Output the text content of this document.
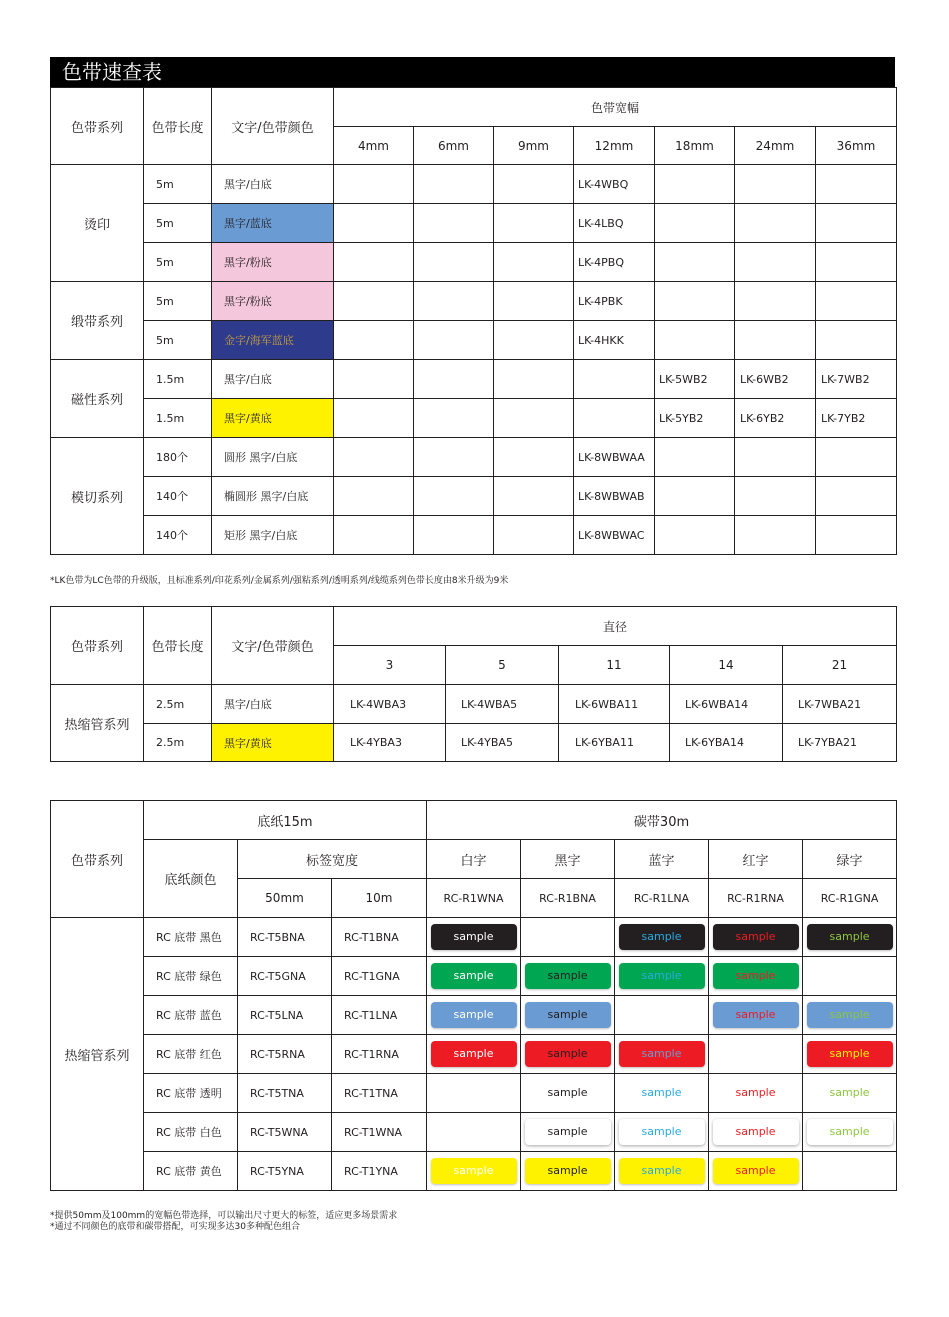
色带速查表
色带系列	色带长度	文字/色带颜色	色带宽幅						
			4mm	6mm	9mm	12mm	18mm	24mm	36mm
烫印	5m	黑字/白底				LK-4WBQ			
	5m	黑字/蓝底				LK-4LBQ			
	5m	黑字/粉底				LK-4PBQ			
缎带系列	5m	黑字/粉底				LK-4PBK			
	5m	金字/海军蓝底				LK-4HKK			
磁性系列	1.5m	黑字/白底					LK-5WB2	LK-6WB2	LK-7WB2
	1.5m	黑字/黄底					LK-5YB2	LK-6YB2	LK-7YB2
模切系列	180个	圆形 黑字/白底				LK-8WBWAA			
	140个	椭圆形 黑字/白底				LK-8WBWAB			
	140个	矩形 黑字/白底				LK-8WBWAC			
*LK色带为LC色带的升级版，且标准系列/印花系列/金属系列/强粘系列/透明系列/线缆系列色带长度由8米升级为9米
色带系列	色带长度	文字/色带颜色	直径				
			3	5	11	14	21
热缩管系列	2.5m	黑字/白底	LK-4WBA3	LK-4WBA5	LK-6WBA11	LK-6WBA14	LK-7WBA21
	2.5m	黑字/黄底	LK-4YBA3	LK-4YBA5	LK-6YBA11	LK-6YBA14	LK-7YBA21
色带系列	底纸15m			碳带30m				
	底纸颜色	标签宽度		白字	黑字	蓝字	红字	绿字
		50mm	10m	RC-R1WNA	RC-R1BNA	RC-R1LNA	RC-R1RNA	RC-R1GNA
热缩管系列	RC 底带 黑色	RC-T5BNA	RC-T1BNA	sample		sample	sample	sample

	RC 底带 绿色	RC-T5GNA	RC-T1GNA	sample	sample	sample	sample	

	RC 底带 蓝色	RC-T5LNA	RC-T1LNA	sample	sample		sample	sample

	RC 底带 红色	RC-T5RNA	RC-T1RNA	sample	sample	sample		sample

	RC 底带 透明	RC-T5TNA	RC-T1TNA		sample	sample	sample	sample

	RC 底带 白色	RC-T5WNA	RC-T1WNA		sample	sample	sample	sample

	RC 底带 黄色	RC-T5YNA	RC-T1YNA	sample	sample	sample	sample	

*提供50mm及100mm的宽幅色带选择，可以输出尺寸更大的标签，适应更多场景需求
*通过不同颜色的底带和碳带搭配，可实现多达30多种配色组合
